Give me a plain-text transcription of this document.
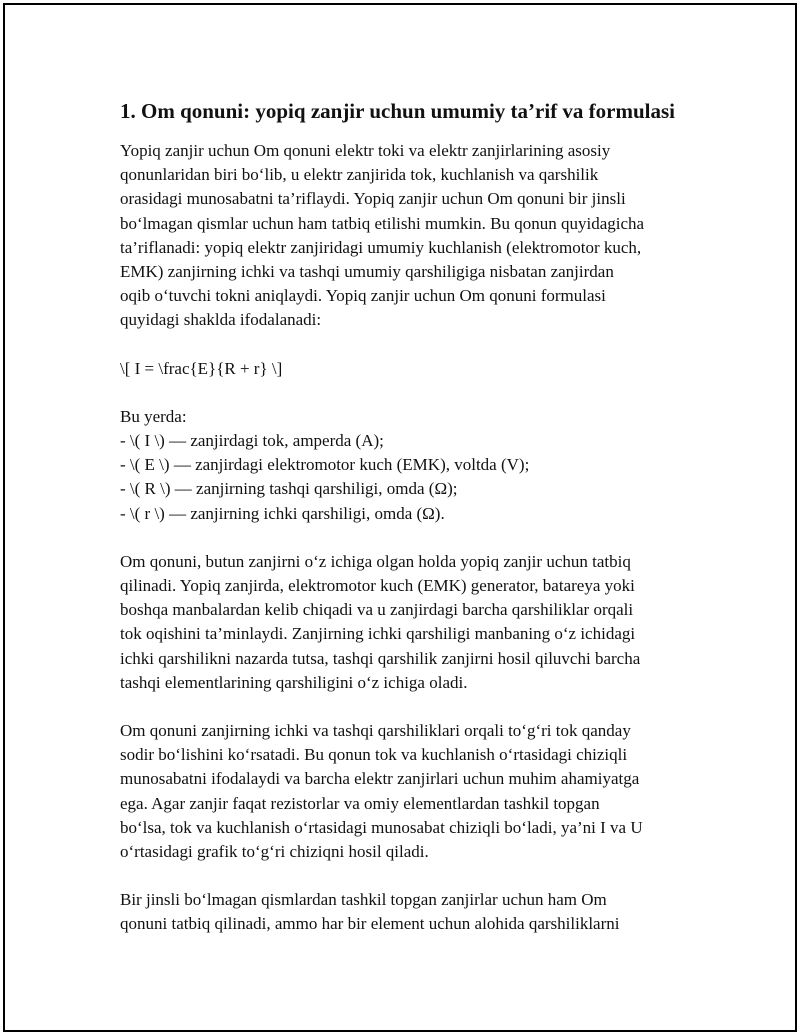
1. Om qonuni: yopiq zanjir uchun umumiy ta’rif va formulasi

Yopiq zanjir uchun Om qonuni elektr toki va elektr zanjirlarining asosiy
qonunlaridan biri bo‘lib, u elektr zanjirida tok, kuchlanish va qarshilik
orasidagi munosabatni ta’riflaydi. Yopiq zanjir uchun Om qonuni bir jinsli
bo‘lmagan qismlar uchun ham tatbiq etilishi mumkin. Bu qonun quyidagicha
ta’riflanadi: yopiq elektr zanjiridagi umumiy kuchlanish (elektromotor kuch,
EMK) zanjirning ichki va tashqi umumiy qarshiligiga nisbatan zanjirdan
oqib o‘tuvchi tokni aniqlaydi. Yopiq zanjir uchun Om qonuni formulasi
quyidagi shaklda ifodalanadi:

\[ I = \frac{E}{R + r} \]

Bu yerda:
- \( I \) — zanjirdagi tok, amperda (A);
- \( E \) — zanjirdagi elektromotor kuch (EMK), voltda (V);
- \( R \) — zanjirning tashqi qarshiligi, omda (Ω);
- \( r \) — zanjirning ichki qarshiligi, omda (Ω).

Om qonuni, butun zanjirni o‘z ichiga olgan holda yopiq zanjir uchun tatbiq
qilinadi. Yopiq zanjirda, elektromotor kuch (EMK) generator, batareya yoki
boshqa manbalardan kelib chiqadi va u zanjirdagi barcha qarshiliklar orqali
tok oqishini ta’minlaydi. Zanjirning ichki qarshiligi manbaning o‘z ichidagi
ichki qarshilikni nazarda tutsa, tashqi qarshilik zanjirni hosil qiluvchi barcha
tashqi elementlarining qarshiligini o‘z ichiga oladi.

Om qonuni zanjirning ichki va tashqi qarshiliklari orqali to‘g‘ri tok qanday
sodir bo‘lishini ko‘rsatadi. Bu qonun tok va kuchlanish o‘rtasidagi chiziqli
munosabatni ifodalaydi va barcha elektr zanjirlari uchun muhim ahamiyatga
ega. Agar zanjir faqat rezistorlar va omiy elementlardan tashkil topgan
bo‘lsa, tok va kuchlanish o‘rtasidagi munosabat chiziqli bo‘ladi, ya’ni I va U
o‘rtasidagi grafik to‘g‘ri chiziqni hosil qiladi.

Bir jinsli bo‘lmagan qismlardan tashkil topgan zanjirlar uchun ham Om
qonuni tatbiq qilinadi, ammo har bir element uchun alohida qarshiliklarni
